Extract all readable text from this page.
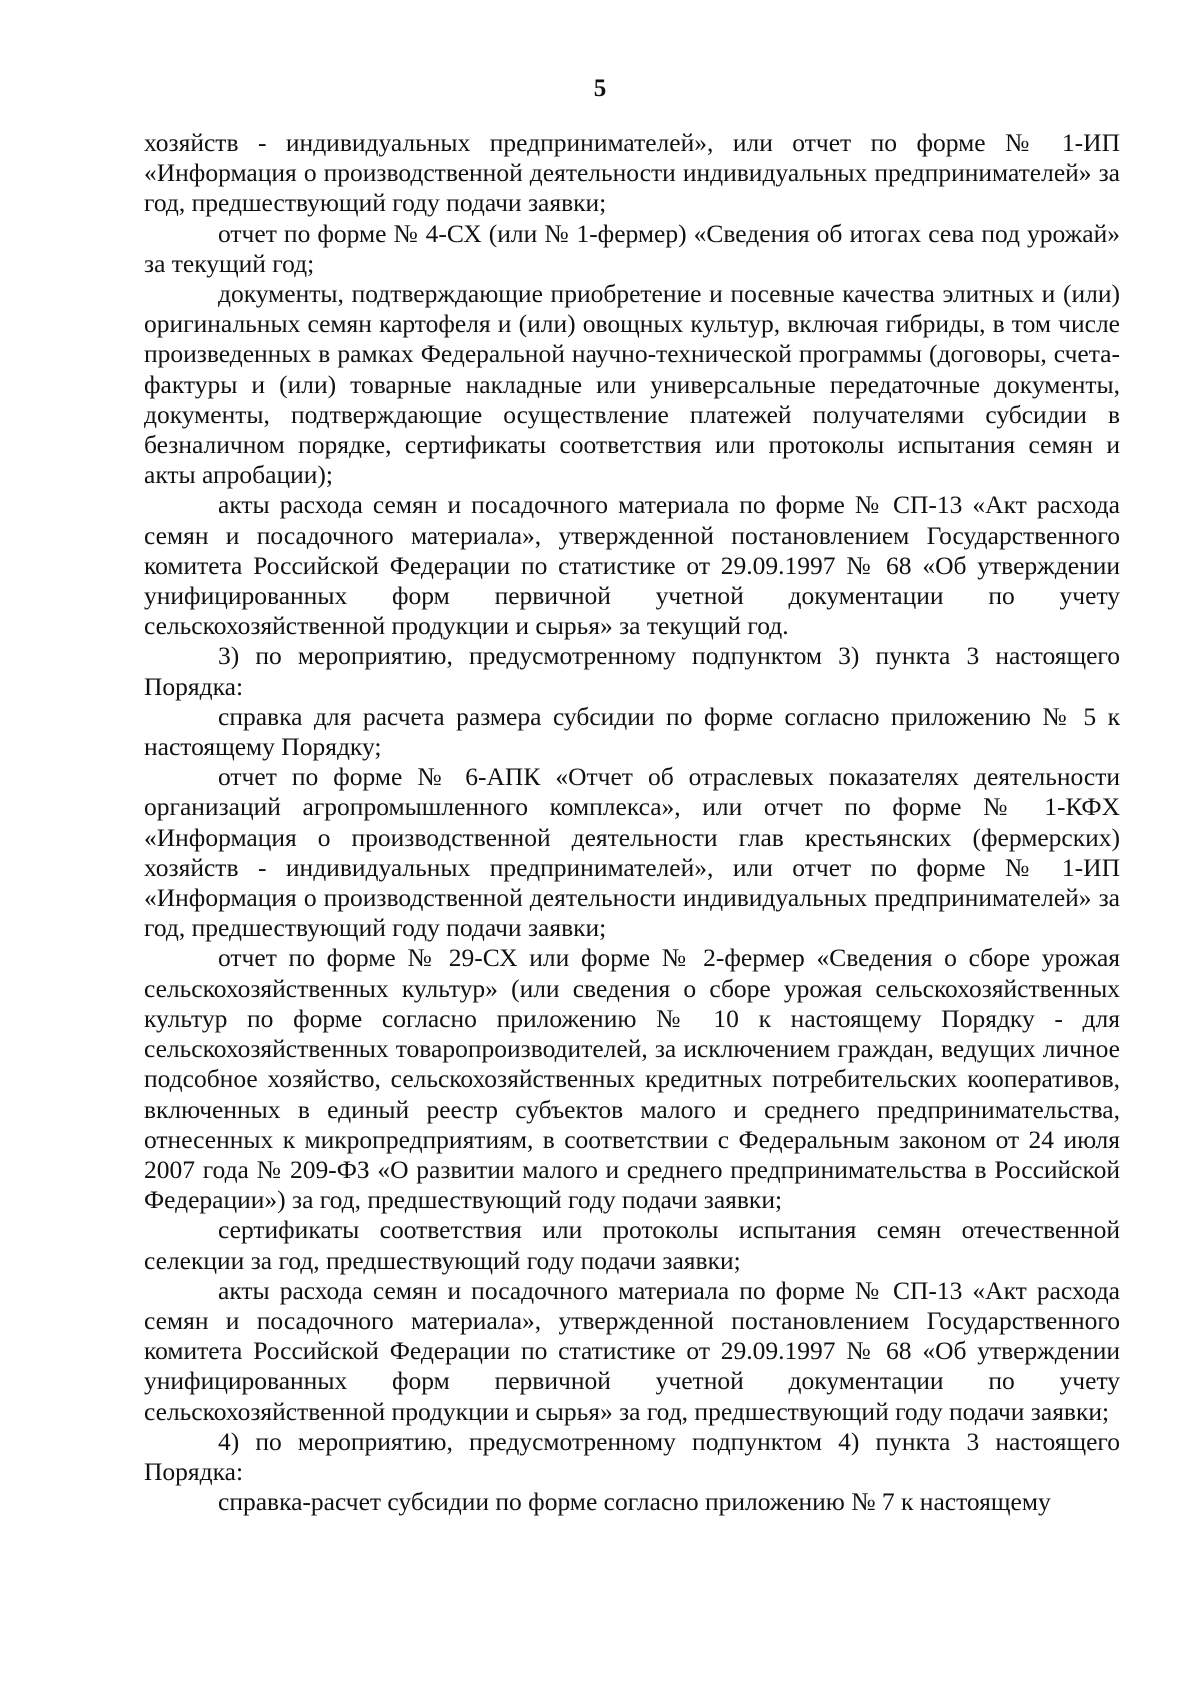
5

хозяйств - индивидуальных предпринимателей», или отчет по форме № 1-ИП «Информация о производственной деятельности индивидуальных предпринимателей» за год, предшествующий году подачи заявки;

отчет по форме № 4-СХ (или № 1-фермер) «Сведения об итогах сева под урожай» за текущий год;

документы, подтверждающие приобретение и посевные качества элитных и (или) оригинальных семян картофеля и (или) овощных культур, включая гибриды, в том числе произведенных в рамках Федеральной научно-технической программы (договоры, счета-фактуры и (или) товарные накладные или универсальные передаточные документы, документы, подтверждающие осуществление платежей получателями субсидии в безналичном порядке, сертификаты соответствия или протоколы испытания семян и акты апробации);

акты расхода семян и посадочного материала по форме № СП-13 «Акт расхода семян и посадочного материала», утвержденной постановлением Государственного комитета Российской Федерации по статистике от 29.09.1997 № 68 «Об утверждении унифицированных форм первичной учетной документации по учету сельскохозяйственной продукции и сырья» за текущий год.

3) по мероприятию, предусмотренному подпунктом 3) пункта 3 настоящего Порядка:

справка для расчета размера субсидии по форме согласно приложению № 5 к настоящему Порядку;

отчет по форме № 6-АПК «Отчет об отраслевых показателях деятельности организаций агропромышленного комплекса», или отчет по форме № 1-КФХ «Информация о производственной деятельности глав крестьянских (фермерских) хозяйств - индивидуальных предпринимателей», или отчет по форме № 1-ИП «Информация о производственной деятельности индивидуальных предпринимателей» за год, предшествующий году подачи заявки;

отчет по форме № 29-СХ или форме № 2-фермер «Сведения о сборе урожая сельскохозяйственных культур» (или сведения о сборе урожая сельскохозяйственных культур по форме согласно приложению № 10 к настоящему Порядку - для сельскохозяйственных товаропроизводителей, за исключением граждан, ведущих личное подсобное хозяйство, сельскохозяйственных кредитных потребительских кооперативов, включенных в единый реестр субъектов малого и среднего предпринимательства, отнесенных к микропредприятиям, в соответствии с Федеральным законом от 24 июля 2007 года № 209-ФЗ «О развитии малого и среднего предпринимательства в Российской Федерации») за год, предшествующий году подачи заявки;

сертификаты соответствия или протоколы испытания семян отечественной селекции за год, предшествующий году подачи заявки;

акты расхода семян и посадочного материала по форме № СП-13 «Акт расхода семян и посадочного материала», утвержденной постановлением Государственного комитета Российской Федерации по статистике от 29.09.1997 № 68 «Об утверждении унифицированных форм первичной учетной документации по учету сельскохозяйственной продукции и сырья» за год, предшествующий году подачи заявки;

4) по мероприятию, предусмотренному подпунктом 4) пункта 3 настоящего Порядка:

справка-расчет субсидии по форме согласно приложению № 7 к настоящему
